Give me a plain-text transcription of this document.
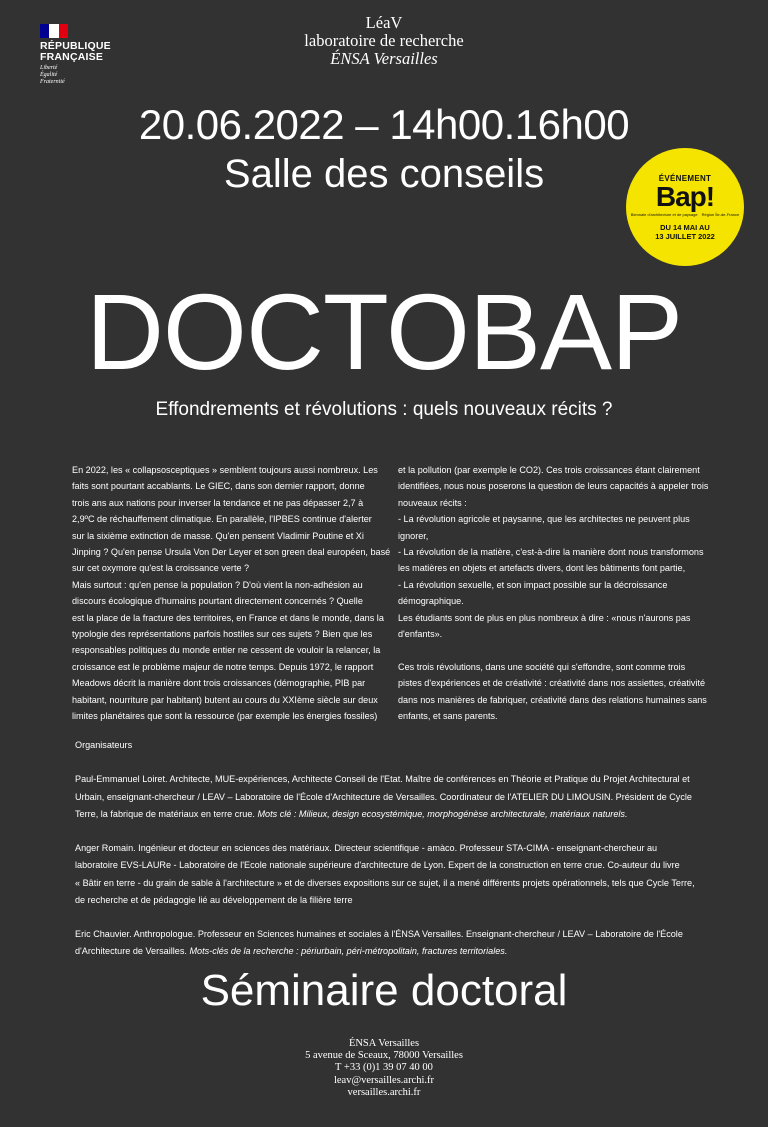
RÉPUBLIQUE
FRANÇAISE
Liberté
Égalité
Fraternité
LéaV
laboratoire de recherche
ÉNSA Versailles
20.06.2022 – 14h00.16h00
Salle des conseils	ÉVÉNEMENT
Bap!
Biennale d'architecture et de paysage Région Île-de-France
DU 14 MAI AU
13 JUILLET 2022
DOCTOBAP
Effondrements et révolutions : quels nouveaux récits ?

En 2022, les « collapsosceptiques » semblent toujours aussi nombreux. Les

faits sont pourtant accablants. Le GIEC, dans son dernier rapport, donne

trois ans aux nations pour inverser la tendance et ne pas dépasser 2,7 à

2,9ºC de réchauffement climatique. En parallèle, l'IPBES continue d'alerter

sur la sixième extinction de masse. Qu'en pensent Vladimir Poutine et Xi

Jinping ? Qu'en pense Ursula Von Der Leyer et son green deal européen, basé

sur cet oxymore qu'est la croissance verte ?

Mais surtout : qu'en pense la population ? D'où vient la non-adhésion au

discours écologique d'humains pourtant directement concernés ? Quelle

est la place de la fracture des territoires, en France et dans le monde, dans la

typologie des représentations parfois hostiles sur ces sujets ? Bien que les

responsables politiques du monde entier ne cessent de vouloir la relancer, la

croissance est le problème majeur de notre temps. Depuis 1972, le rapport

Meadows décrit la manière dont trois croissances (démographie, PIB par

habitant, nourriture par habitant) butent au cours du XXIème siècle sur deux

limites planétaires que sont la ressource (par exemple les énergies fossiles)

et la pollution (par exemple le CO2). Ces trois croissances étant clairement

identifiées, nous nous poserons la question de leurs capacités à appeler trois

nouveaux récits :

- La révolution agricole et paysanne, que les architectes ne peuvent plus

ignorer,

- La révolution de la matière, c'est-à-dire la manière dont nous transformons

les matières en objets et artefacts divers, dont les bâtiments font partie,

- La révolution sexuelle, et son impact possible sur la décroissance

démographique.

Les étudiants sont de plus en plus nombreux à dire : «nous n'aurons pas

d'enfants».

Ces trois révolutions, dans une société qui s'effondre, sont comme trois

pistes d'expériences et de créativité : créativité dans nos assiettes, créativité

dans nos manières de fabriquer, créativité dans des relations humaines sans

enfants, et sans parents.

Organisateurs

Paul-Emmanuel Loiret. Architecte, MUE-expériences, Architecte Conseil de l'Etat. Maître de conférences en Théorie et Pratique du Projet Architectural et

Urbain, enseignant-chercheur / LEAV – Laboratoire de l'École d'Architecture de Versailles. Coordinateur de l'ATELIER DU LIMOUSIN. Président de Cycle

Terre, la fabrique de matériaux en terre crue. Mots clé : Milieux, design ecosystémique, morphogénèse architecturale, matériaux naturels.

Anger Romain. Ingénieur et docteur en sciences des matériaux. Directeur scientifique - amàco. Professeur STA-CIMA - enseignant-chercheur au

laboratoire EVS-LAURe - Laboratoire de l'Ecole nationale supérieure d'architecture de Lyon. Expert de la construction en terre crue. Co-auteur du livre

« Bâtir en terre - du grain de sable à l'architecture » et de diverses expositions sur ce sujet, il a mené différents projets opérationnels, tels que Cycle Terre,

de recherche et de pédagogie lié au développement de la filière terre

Eric Chauvier. Anthropologue. Professeur en Sciences humaines et sociales à l'ÉNSA Versailles. Enseignant-chercheur / LEAV – Laboratoire de l'École

d'Architecture de Versailles. Mots-clés de la recherche : périurbain, péri-métropolitain, fractures territoriales.

Séminaire doctoral
ÉNSA Versailles
5 avenue de Sceaux, 78000 Versailles
T +33 (0)1 39 07 40 00
leav@versailles.archi.fr
versailles.archi.fr
